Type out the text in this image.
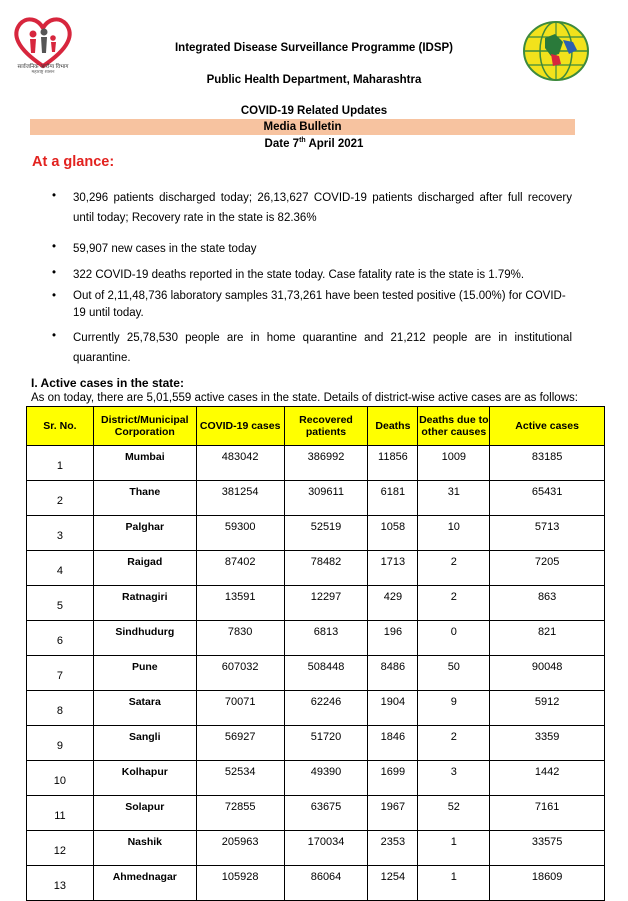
सार्वजनिक आरोग्य विभाग
महाराष्ट्र शासन
Integrated Disease Surveillance Programme (IDSP)
Public Health Department, Maharashtra
COVID-19 Related Updates
Media Bulletin
Date 7th April 2021
At a glance:
•	30,296 patients discharged today; 26,13,627 COVID-19 patients discharged after full recovery until today; Recovery rate in the state is 82.36%
•	59,907 new cases in the state today
•	322 COVID-19 deaths reported in the state today. Case fatality rate is the state is 1.79%.
•	Out of 2,11,48,736 laboratory samples 31,73,261 have been tested positive (15.00%) for COVID-19 until today.
•	Currently 25,78,530 people are in home quarantine and 21,212 people are in institutional quarantine.
I. Active cases in the state:
As on today, there are 5,01,559 active cases in the state. Details of district-wise active cases are as follows:
Sr. No.	District/Municipal Corporation	COVID-19 cases	Recovered patients	Deaths	Deaths due to other causes	Active cases
1	Mumbai	483042	386992	11856	1009	83185
2	Thane	381254	309611	6181	31	65431
3	Palghar	59300	52519	1058	10	5713
4	Raigad	87402	78482	1713	2	7205
5	Ratnagiri	13591	12297	429	2	863
6	Sindhudurg	7830	6813	196	0	821
7	Pune	607032	508448	8486	50	90048
8	Satara	70071	62246	1904	9	5912
9	Sangli	56927	51720	1846	2	3359
10	Kolhapur	52534	49390	1699	3	1442
11	Solapur	72855	63675	1967	52	7161
12	Nashik	205963	170034	2353	1	33575
13	Ahmednagar	105928	86064	1254	1	18609
